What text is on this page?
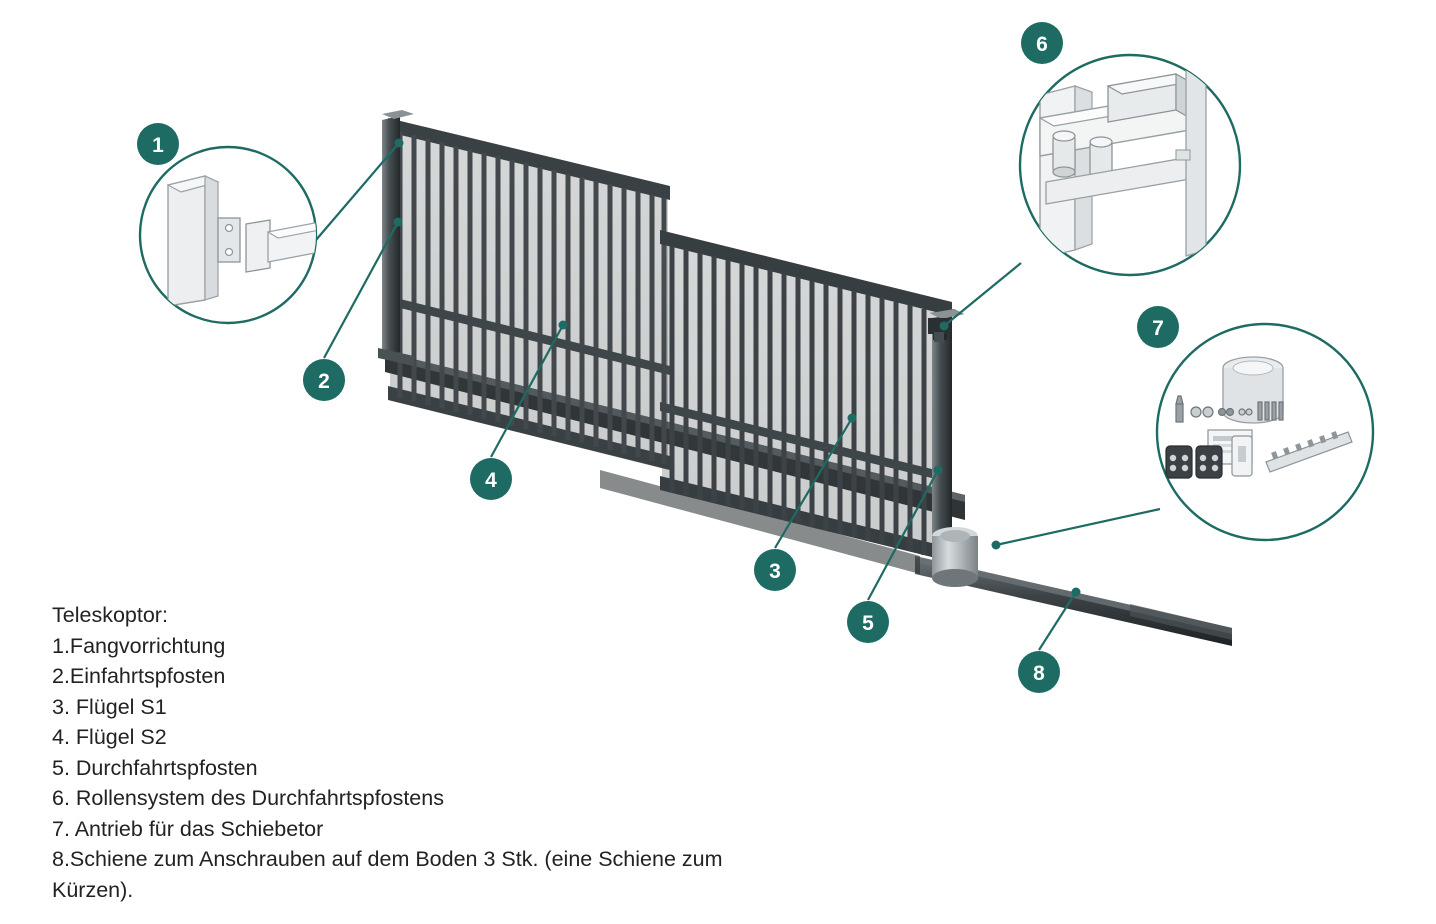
1
2
3
4
5
6
7
8
Teleskoptor:
1.Fangvorrichtung
2.Einfahrtspfosten
3. Flügel S1
4. Flügel S2
5. Durchfahrtspfosten
6. Rollensystem des Durchfahrtspfostens
7. Antrieb für das Schiebetor
8.Schiene zum Anschrauben auf dem Boden 3 Stk. (eine Schiene zum Kürzen).
